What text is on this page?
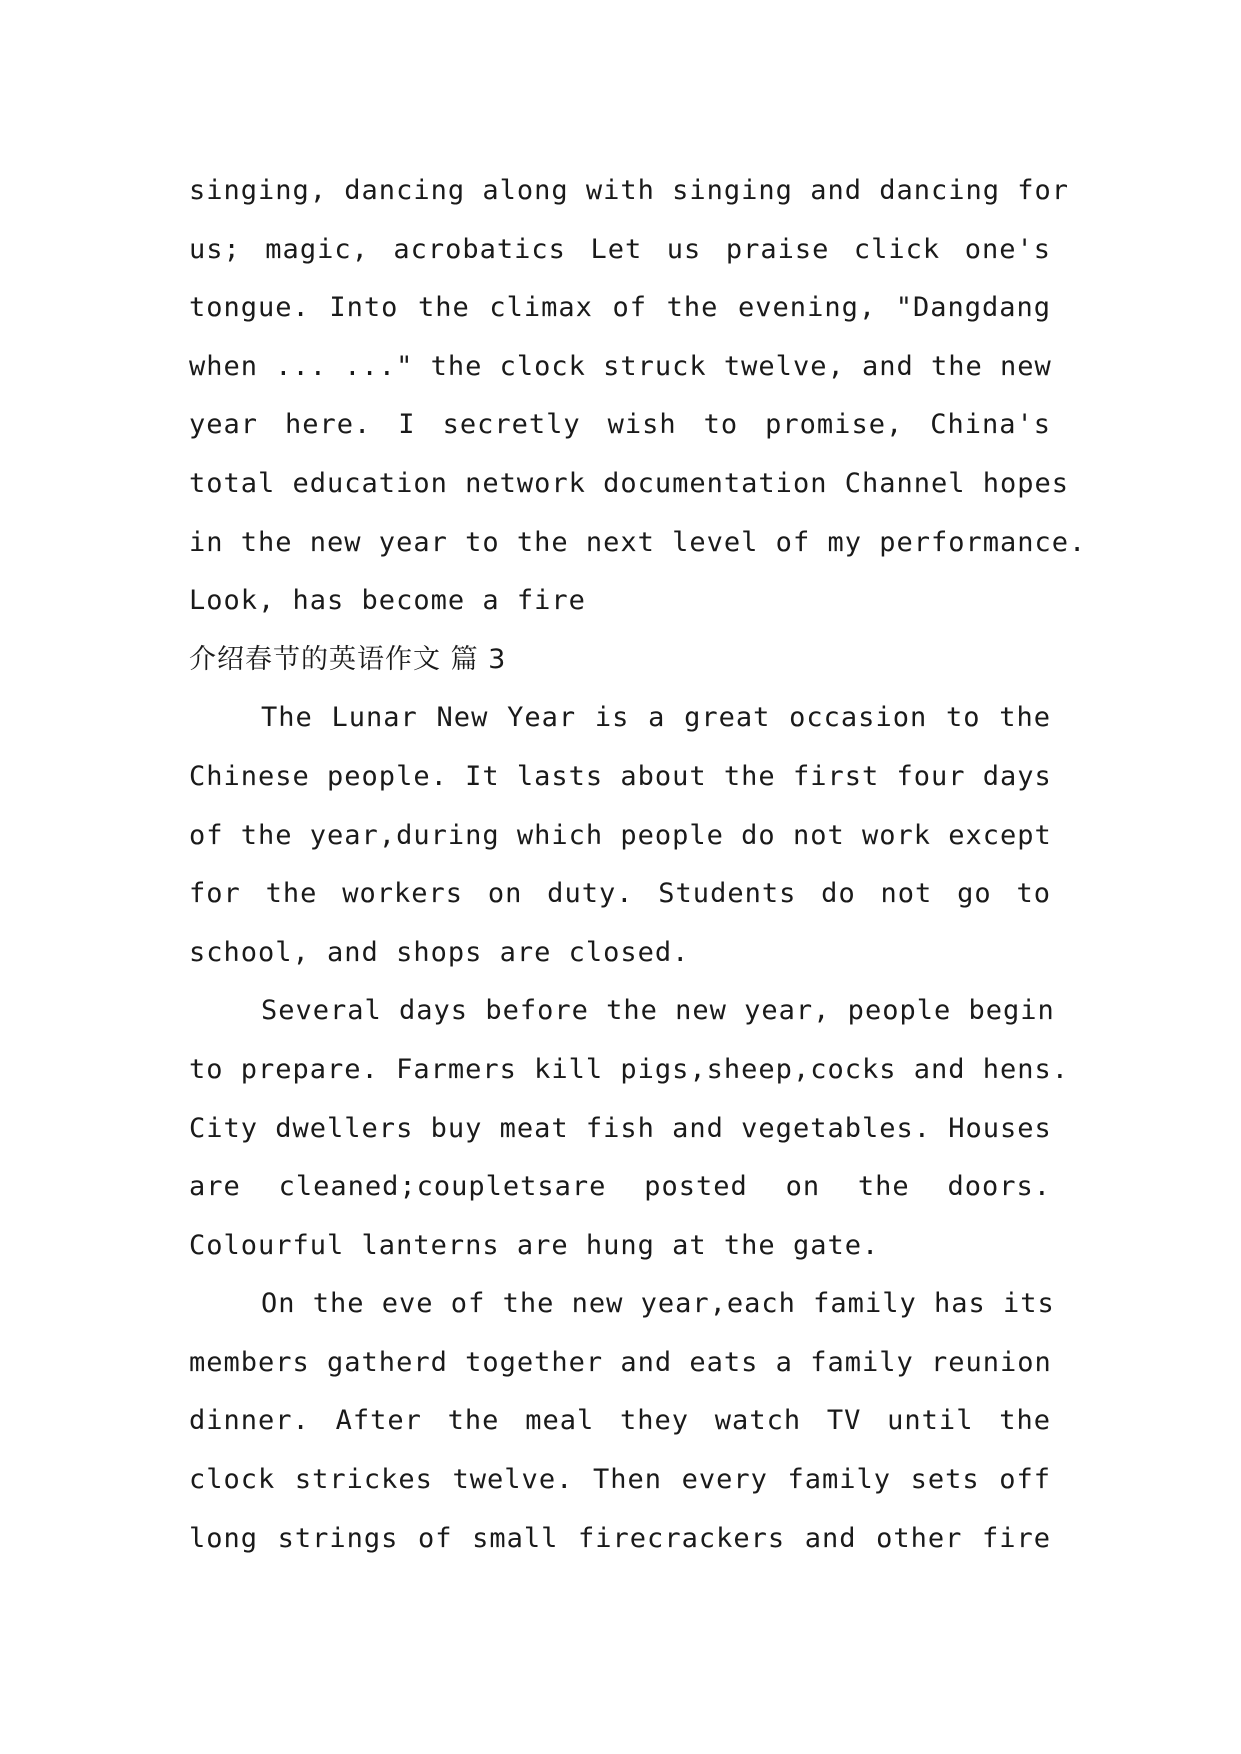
singing, dancing along with singing and dancing for
us; magic, acrobatics Let us praise click one's
tongue. Into the climax of the evening, "Dangdang
when ... ..." the clock struck twelve, and the new
year here. I secretly wish to promise, China's
total education network documentation Channel hopes
in the new year to the next level of my performance.
Look, has become a fire
介绍春节的英语作文 篇 3
The Lunar New Year is a great occasion to the
Chinese people. It lasts about the first four days
of the year,during which people do not work except
for the workers on duty. Students do not go to
school, and shops are closed.
Several days before the new year, people begin
to prepare. Farmers kill pigs,sheep,cocks and hens.
City dwellers buy meat fish and vegetables. Houses
are cleaned;coupletsare posted on the doors.
Colourful lanterns are hung at the gate.
On the eve of the new year,each family has its
members gatherd together and eats a family reunion
dinner. After the meal they watch TV until the
clock strickes twelve. Then every family sets off
long strings of small firecrackers and other fire
